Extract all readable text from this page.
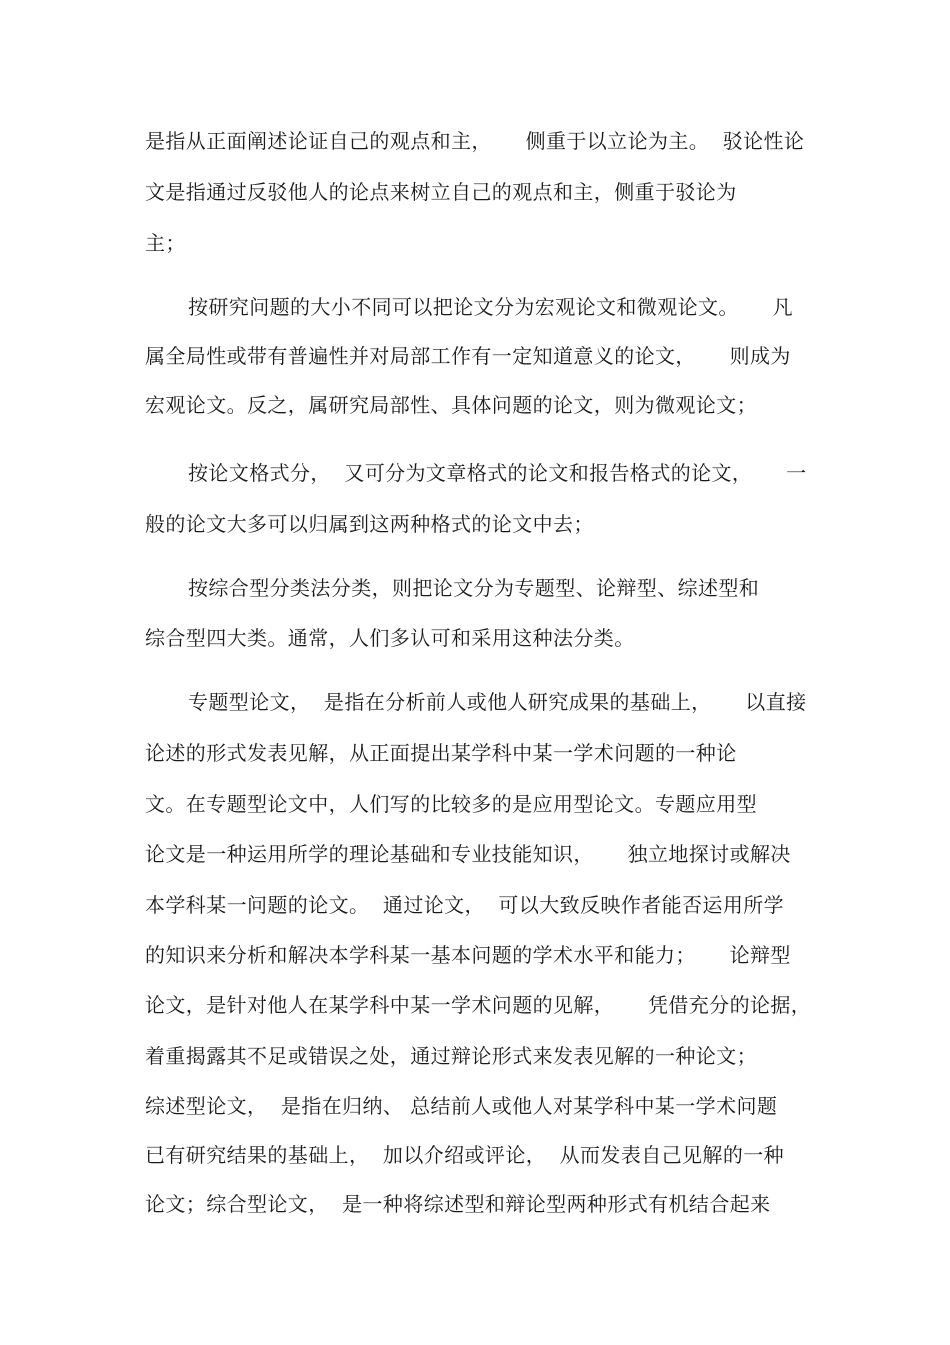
是指从正面阐述论证自己的观点和主，     侧重于以立论为主。  驳论性论

文是指通过反驳他人的论点来树立自己的观点和主，侧重于驳论为

主；

按研究问题的大小不同可以把论文分为宏观论文和微观论文。     凡

属全局性或带有普遍性并对局部工作有一定知道意义的论文，     则成为

宏观论文。反之，属研究局部性、具体问题的论文，则为微观论文；

按论文格式分，  又可分为文章格式的论文和报告格式的论文，     一

般的论文大多可以归属到这两种格式的论文中去；

按综合型分类法分类，则把论文分为专题型、论辩型、综述型和

综合型四大类。通常，人们多认可和采用这种法分类。

专题型论文，  是指在分析前人或他人研究成果的基础上，     以直接

论述的形式发表见解，从正面提出某学科中某一学术问题的一种论

文。在专题型论文中，人们写的比较多的是应用型论文。专题应用型

论文是一种运用所学的理论基础和专业技能知识，     独立地探讨或解决

本学科某一问题的论文。  通过论文，  可以大致反映作者能否运用所学

的知识来分析和解决本学科某一基本问题的学术水平和能力；     论辩型

论文，是针对他人在某学科中某一学术问题的见解，     凭借充分的论据，

着重揭露其不足或错误之处，通过辩论形式来发表见解的一种论文；

综述型论文，  是指在归纳、 总结前人或他人对某学科中某一学术问题

已有研究结果的基础上，  加以介绍或评论，  从而发表自己见解的一种

论文；综合型论文，  是一种将综述型和辩论型两种形式有机结合起来
